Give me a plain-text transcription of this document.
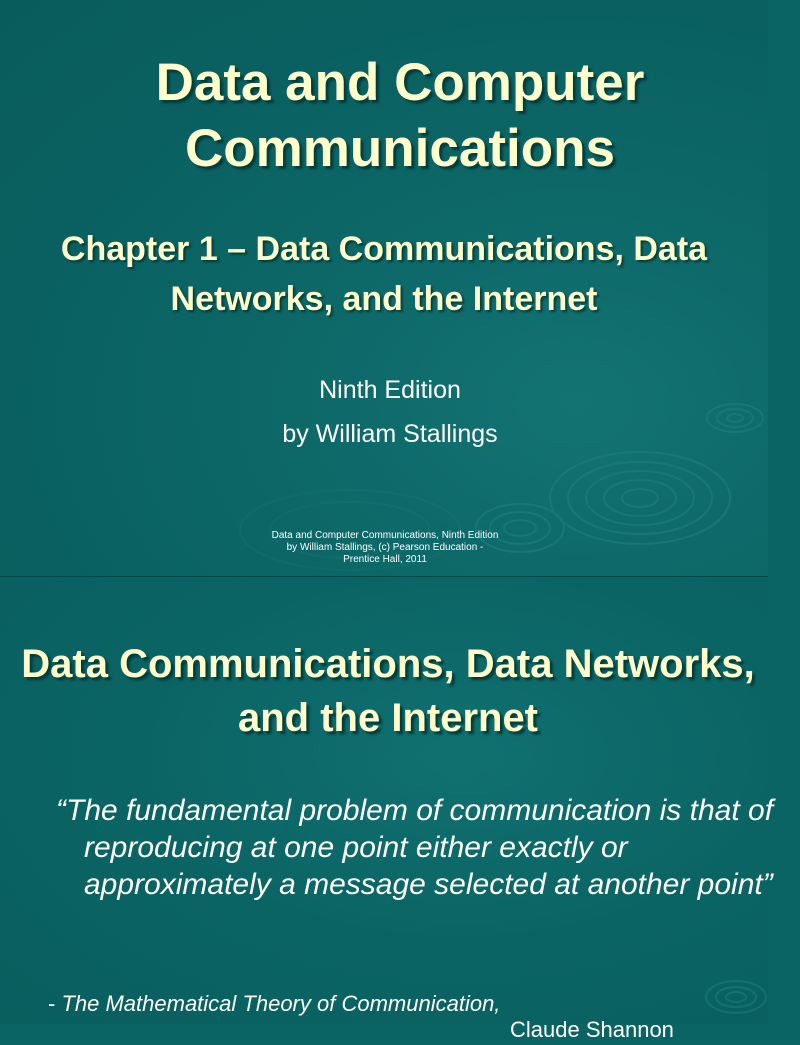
Data and Computer Communications
Chapter 1 – Data Communications, Data Networks, and the Internet
Ninth Edition
by William Stallings
Data and Computer Communications, Ninth Edition by William Stallings, (c) Pearson Education - Prentice Hall, 2011
Data Communications, Data Networks, and the Internet
“The fundamental problem of communication is that of reproducing at one point either exactly or approximately a message selected at another point”
- The Mathematical Theory of Communication,
Claude Shannon
